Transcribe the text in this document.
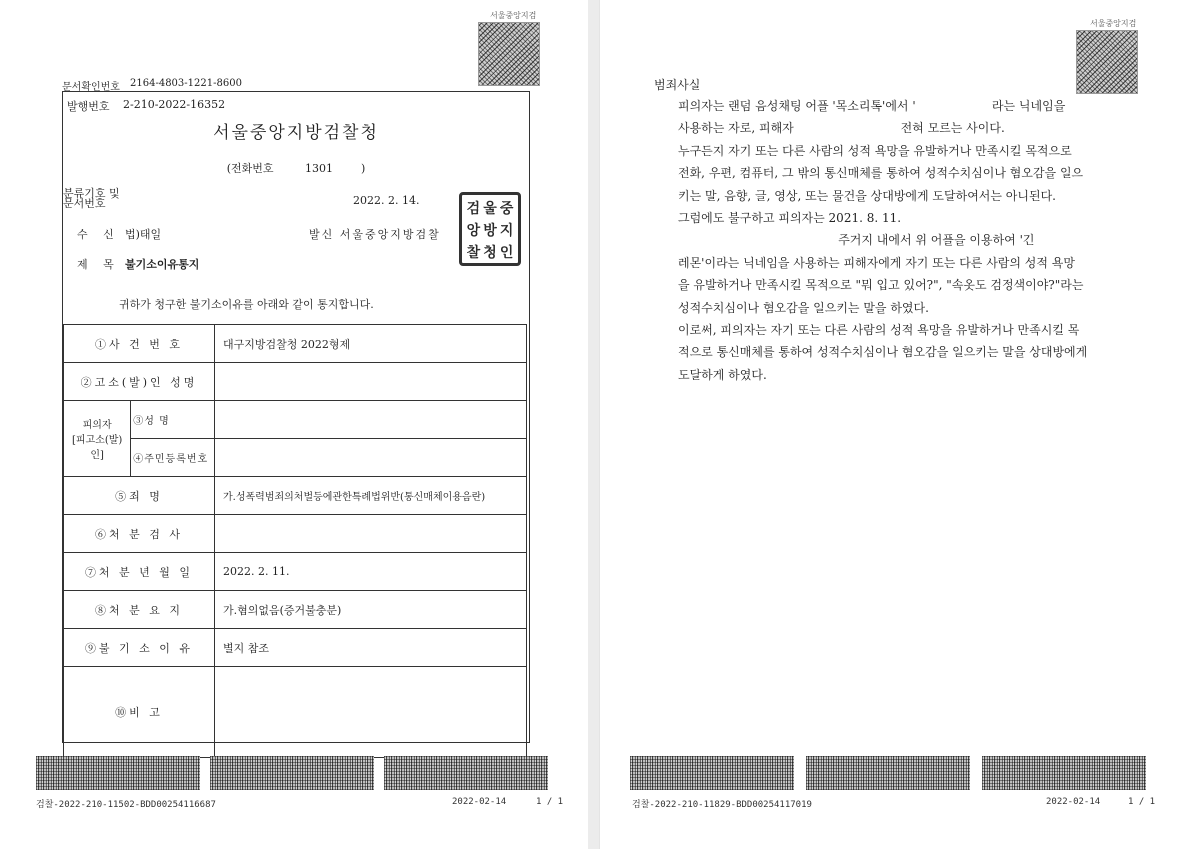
서울중앙지검
문서확인번호 2164-4803-1221-8600
발행번호 2-210-2022-16352
서울중앙지방검찰청
(전화번호	1301	)
분류기호 및
문서번호	2022. 2. 14.
검 울 중
앙 방 지
찰 청 인
수 신 법)태일	발신 서울중앙지방검찰
제 목 불기소이유통지
귀하가 청구한 불기소이유를 아래와 같이 통지합니다.
①사 건 번 호		대구지방검찰청 2022형제
②고소(발)인 성명		

피의자
[피고소(발)인]	③성 명	
	④주민등록번호	
⑤죄 명		가.성폭력범죄의처벌등에관한특례법위반(통신매체이용음란)
⑥처 분 검 사		
⑦처 분 년 월 일		2022. 2. 11.
⑧처 분 요 지		가.혐의없음(증거불충분)
⑨불 기 소 이 유		별지 참조
⑩비 고		
검찰-2022-210-11502-BDD00254116687	2022-02-14	1 / 1
서울중앙지검
범죄사실

피의자는 랜덤 음성채팅 어플 '목소리톡'에서 '                    라는 닉네임을

사용하는 자로, 피해자                            전혀 모르는 사이다.

누구든지 자기 또는 다른 사람의 성적 욕망을 유발하거나 만족시킬 목적으로

전화, 우편, 컴퓨터, 그 밖의 통신매체를 통하여 성적수치심이나 혐오감을 일으

키는 말, 음향, 글, 영상, 또는 물건을 상대방에게 도달하여서는 아니된다.

그럼에도 불구하고 피의자는 2021. 8. 11.

주거지 내에서 위 어플을 이용하여 '긴

레몬'이라는 닉네임을 사용하는 피해자에게 자기 또는 다른 사람의 성적 욕망

을 유발하거나 만족시킬 목적으로 "뭐 입고 있어?", "속옷도 검정색이야?"라는

성적수치심이나 혐오감을 일으키는 말을 하였다.

이로써, 피의자는 자기 또는 다른 사람의 성적 욕망을 유발하거나 만족시킬 목

적으로 통신매체를 통하여 성적수치심이나 혐오감을 일으키는 말을 상대방에게

도달하게 하였다.

검찰-2022-210-11829-BDD00254117019	2022-02-14	1 / 1
